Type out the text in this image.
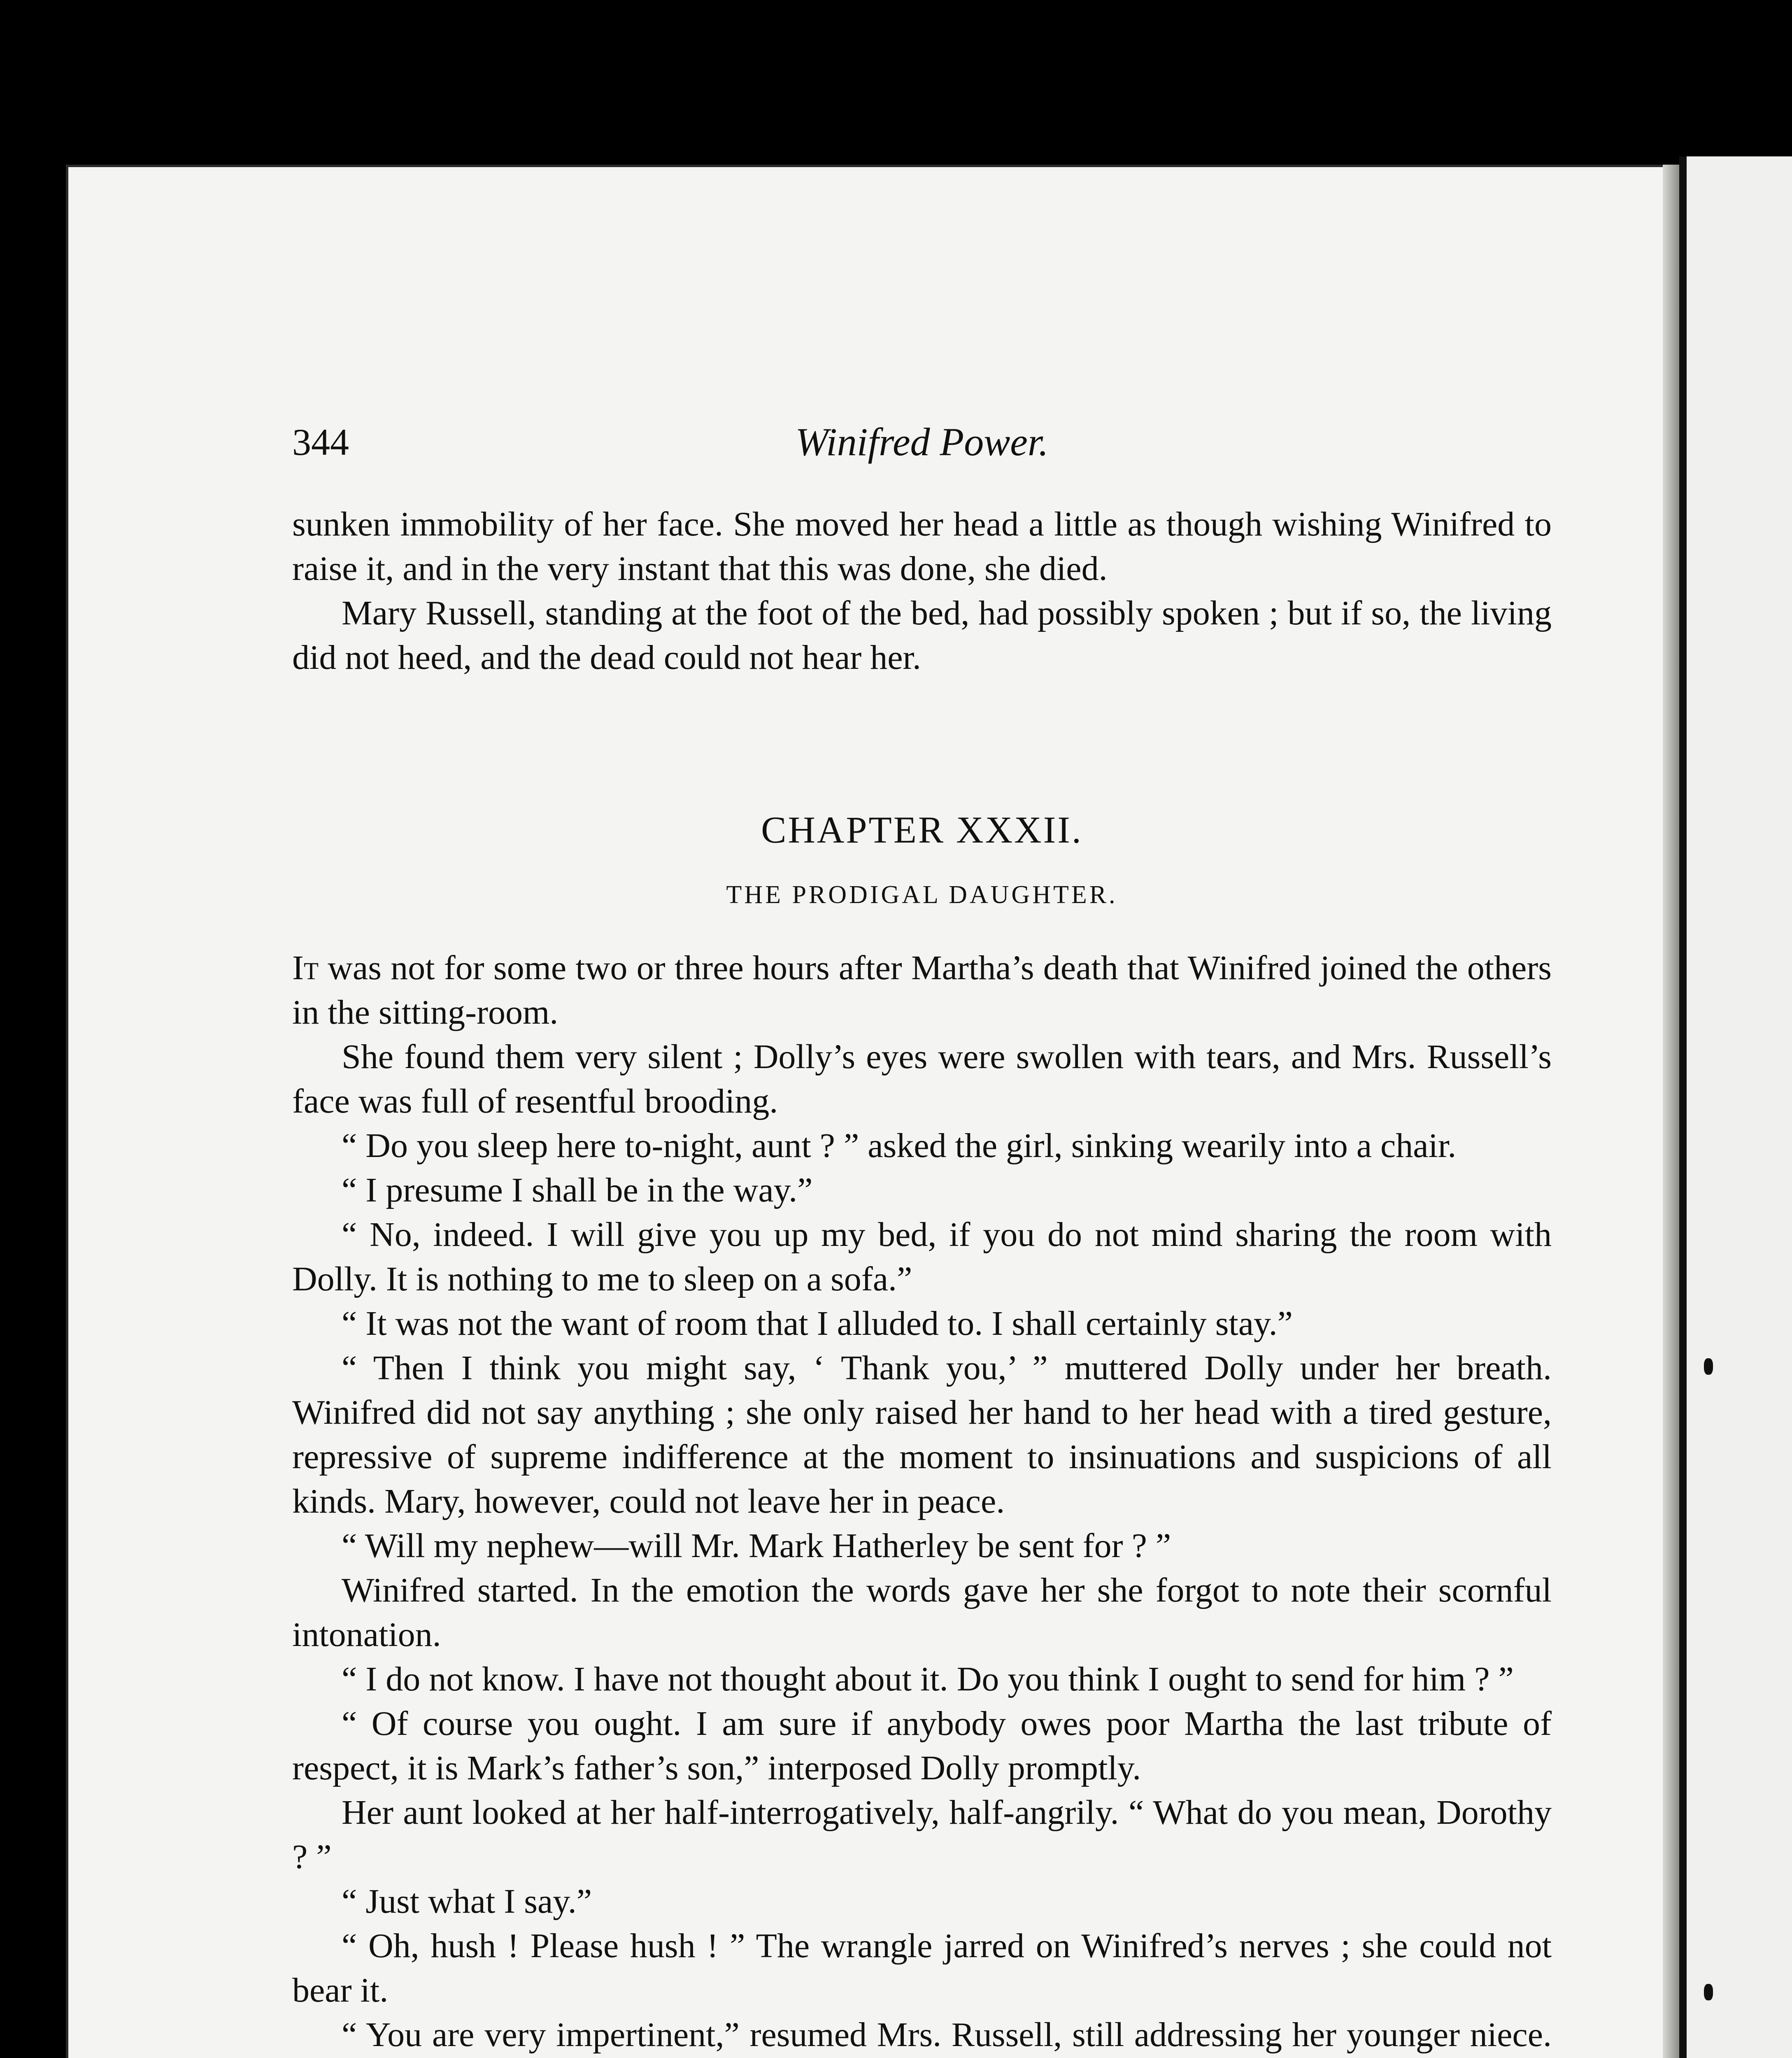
344	Winifred Power.

sunken immobility of her face. She moved her head a little as though wishing Winifred to raise it, and in the very instant that this was done, she died.

Mary Russell, standing at the foot of the bed, had possibly spoken ; but if so, the living did not heed, and the dead could not hear her.

CHAPTER XXXII.
THE PRODIGAL DAUGHTER.

It was not for some two or three hours after Martha’s death that Winifred joined the others in the sitting-room.

She found them very silent ; Dolly’s eyes were swollen with tears, and Mrs. Russell’s face was full of resentful brooding.

“ Do you sleep here to-night, aunt ? ” asked the girl, sinking wearily into a chair.

“ I presume I shall be in the way.”

“ No, indeed. I will give you up my bed, if you do not mind sharing the room with Dolly. It is nothing to me to sleep on a sofa.”

“ It was not the want of room that I alluded to. I shall certainly stay.”

“ Then I think you might say, ‘ Thank you,’ ” muttered Dolly under her breath. Winifred did not say anything ; she only raised her hand to her head with a tired gesture, repressive of supreme indifference at the moment to insinuations and suspicions of all kinds. Mary, however, could not leave her in peace.

“ Will my nephew—will Mr. Mark Hatherley be sent for ? ”

Winifred started. In the emotion the words gave her she forgot to note their scornful intonation.

“ I do not know. I have not thought about it. Do you think I ought to send for him ? ”

“ Of course you ought. I am sure if anybody owes poor Martha the last tribute of respect, it is Mark’s father’s son,” interposed Dolly promptly.

Her aunt looked at her half-interrogatively, half-angrily. “ What do you mean, Dorothy ? ”

“ Just what I say.”

“ Oh, hush ! Please hush ! ” The wrangle jarred on Winifred’s nerves ; she could not bear it.

“ You are very impertinent,” resumed Mrs. Russell, still addressing her younger niece.
